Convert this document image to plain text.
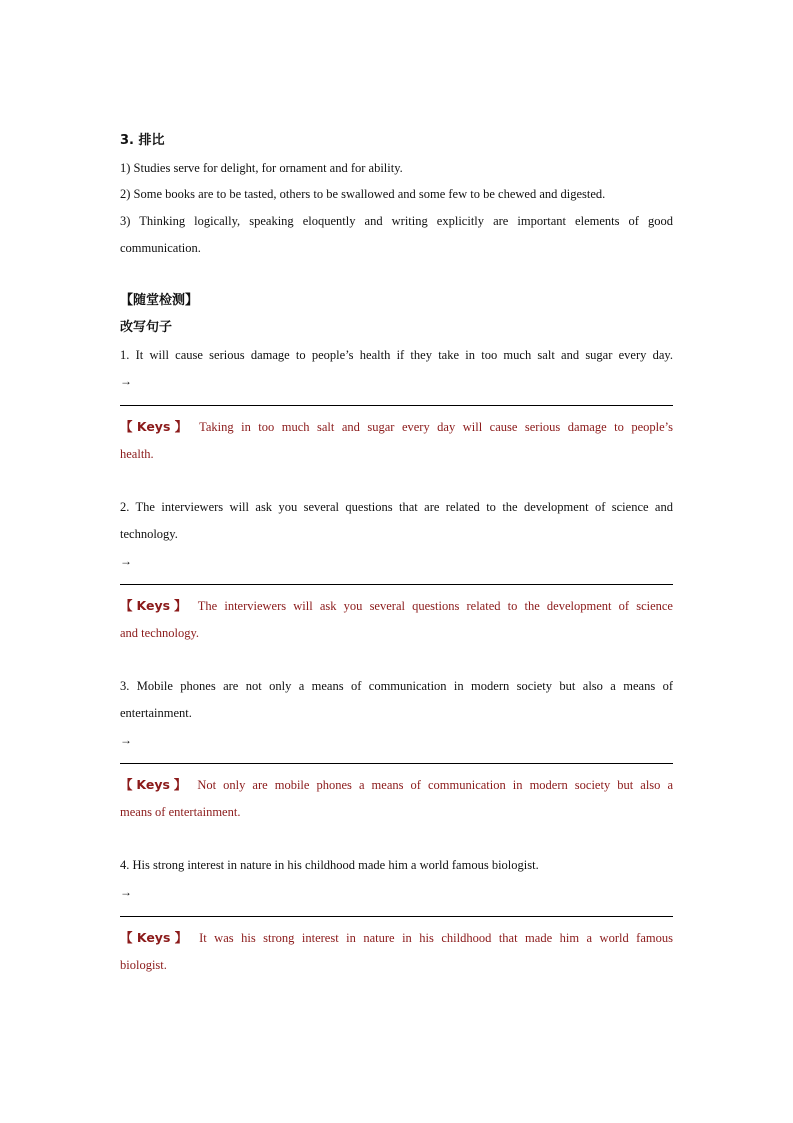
3. 排比
1) Studies serve for delight, for ornament and for ability.
2) Some books are to be tasted, others to be swallowed and some few to be chewed and digested.
3) Thinking logically, speaking eloquently and writing explicitly are important elements of good
communication.
【随堂检测】
改写句子
1. It will cause serious damage to people’s health if they take in too much salt and sugar every day.
→
【Keys】 Taking in too much salt and sugar every day will cause serious damage to people’s
health.
2. The interviewers will ask you several questions that are related to the development of science and
technology.
→
【Keys】 The interviewers will ask you several questions related to the development of science
and technology.
3. Mobile phones are not only a means of communication in modern society but also a means of
entertainment.
→
【Keys】 Not only are mobile phones a means of communication in modern society but also a
means of entertainment.
4. His strong interest in nature in his childhood made him a world famous biologist.
→
【Keys】 It was his strong interest in nature in his childhood that made him a world famous
biologist.
